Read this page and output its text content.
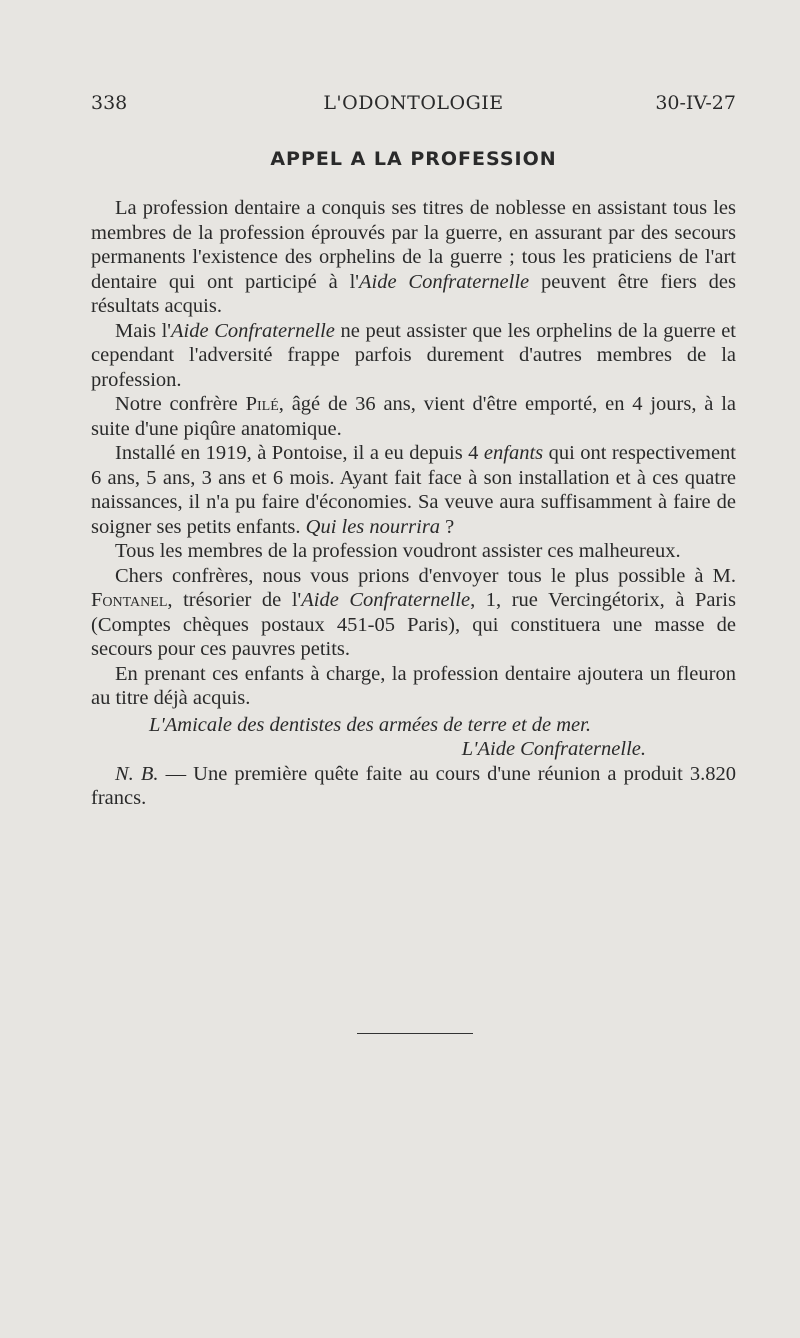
338	L'ODONTOLOGIE	30-IV-27
APPEL A LA PROFESSION

La profession dentaire a conquis ses titres de noblesse en assistant tous les membres de la profession éprouvés par la guerre, en assurant par des secours permanents l'existence des orphelins de la guerre ; tous les praticiens de l'art dentaire qui ont participé à l'Aide Confraternelle peuvent être fiers des résultats acquis.

Mais l'Aide Confraternelle ne peut assister que les orphelins de la guerre et cependant l'adversité frappe parfois durement d'autres membres de la profession.

Notre confrère Pilé, âgé de 36 ans, vient d'être emporté, en 4 jours, à la suite d'une piqûre anatomique.

Installé en 1919, à Pontoise, il a eu depuis 4 enfants qui ont respectivement 6 ans, 5 ans, 3 ans et 6 mois. Ayant fait face à son installation et à ces quatre naissances, il n'a pu faire d'économies. Sa veuve aura suffisamment à faire de soigner ses petits enfants. Qui les nourrira ?

Tous les membres de la profession voudront assister ces malheureux.

Chers confrères, nous vous prions d'envoyer tous le plus possible à M. Fontanel, trésorier de l'Aide Confraternelle, 1, rue Vercingétorix, à Paris (Comptes chèques postaux 451-05 Paris), qui constituera une masse de secours pour ces pauvres petits.

En prenant ces enfants à charge, la profession dentaire ajoutera un fleuron au titre déjà acquis.

L'Amicale des dentistes des armées de terre et de mer.

L'Aide Confraternelle.

N. B. — Une première quête faite au cours d'une réunion a produit 3.820 francs.
